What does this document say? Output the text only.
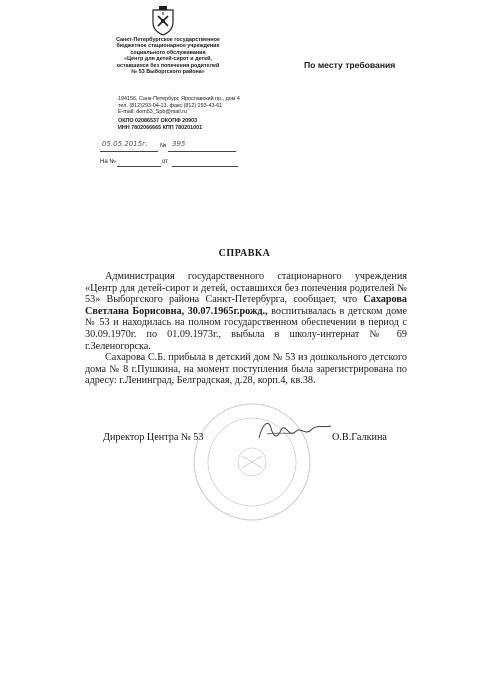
Санкт-Петербургское государственное
бюджетное стационарное учреждение
социального обслуживания
«Центр для детей-сирот и детей,
оставшихся без попечения родителей
№ 53 Выборгского района»
194156, Санк-Петербург, Ярославский пр., дом 4
тел. (812)293-04-13. факс (812) 293-43-61
E-mail: dom53_Spb@mail.ru
ОКПО 02086537 ОКОПФ 20903
ИНН 7802066665 КПП 780201001
05.05.2015г. № 395
На №	от
По месту требования
СПРАВКА

Администрация государственного стационарного учреждения «Центр для детей-сирот и детей, оставшихся без попечения родителей № 53» Выборгского района Санкт-Петербурга, сообщает, что Сахарова Светлана Борисовна, 30.07.1965г.рожд., воспитывалась в детском доме № 53 и находилась на полном государственном обеспечении в период с 30.09.1970г. по 01.09.1973г., выбыла в школу-интернат № 69 г.Зеленогорска.

Сахарова С.Б. прибыла в детский дом № 53 из дошкольного детского дома № 8 г.Пушкина, на момент поступления была зарегистрирована по адресу: г.Ленинград, Белградская, д.28, корп.4, кв.38.

Директор Центра № 53	О.В.Галкина
